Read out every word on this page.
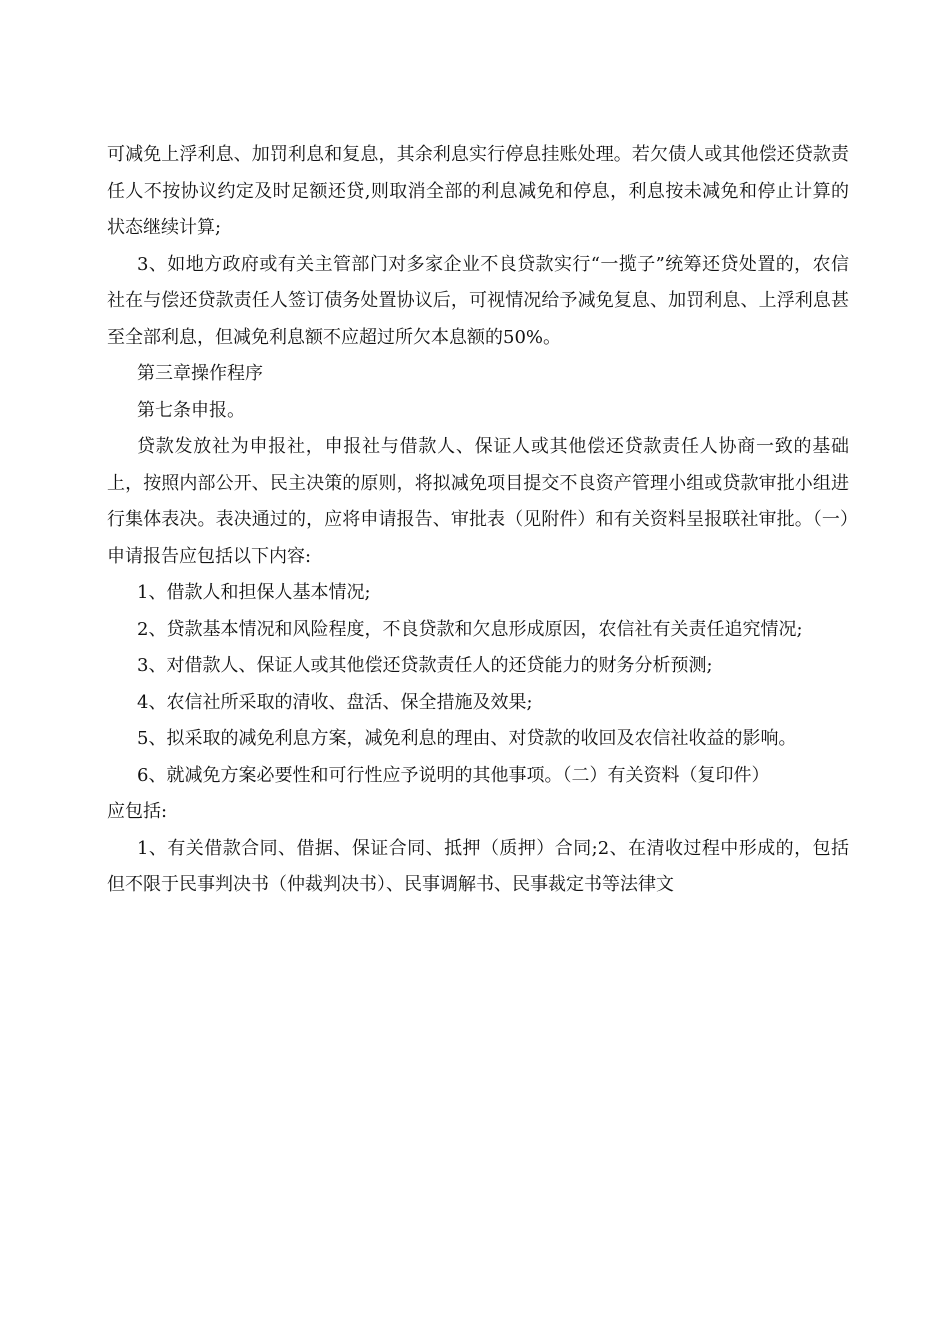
可减免上浮利息、加罚利息和复息，其余利息实行停息挂账处理。若欠债人或其他偿还贷款责任人不按协议约定及时足额还贷,则取消全部的利息减免和停息，利息按未减免和停止计算的状态继续计算;

3、如地方政府或有关主管部门对多家企业不良贷款实行“一揽子”统筹还贷处置的，农信社在与偿还贷款责任人签订债务处置协议后，可视情况给予减免复息、加罚利息、上浮利息甚至全部利息，但减免利息额不应超过所欠本息额的50%。

第三章操作程序

第七条申报。

贷款发放社为申报社，申报社与借款人、保证人或其他偿还贷款责任人协商一致的基础上，按照内部公开、民主决策的原则，将拟减免项目提交不良资产管理小组或贷款审批小组进行集体表决。表决通过的，应将申请报告、审批表（见附件）和有关资料呈报联社审批。（一）申请报告应包括以下内容:

1、借款人和担保人基本情况;

2、贷款基本情况和风险程度，不良贷款和欠息形成原因，农信社有关责任追究情况;

3、对借款人、保证人或其他偿还贷款责任人的还贷能力的财务分析预测;

4、农信社所采取的清收、盘活、保全措施及效果;

5、拟采取的减免利息方案，减免利息的理由、对贷款的收回及农信社收益的影响。

6、就减免方案必要性和可行性应予说明的其他事项。（二）有关资料（复印件）

应包括:

1、有关借款合同、借据、保证合同、抵押（质押）合同;2、在清收过程中形成的，包括但不限于民事判决书（仲裁判决书）、民事调解书、民事裁定书等法律文
